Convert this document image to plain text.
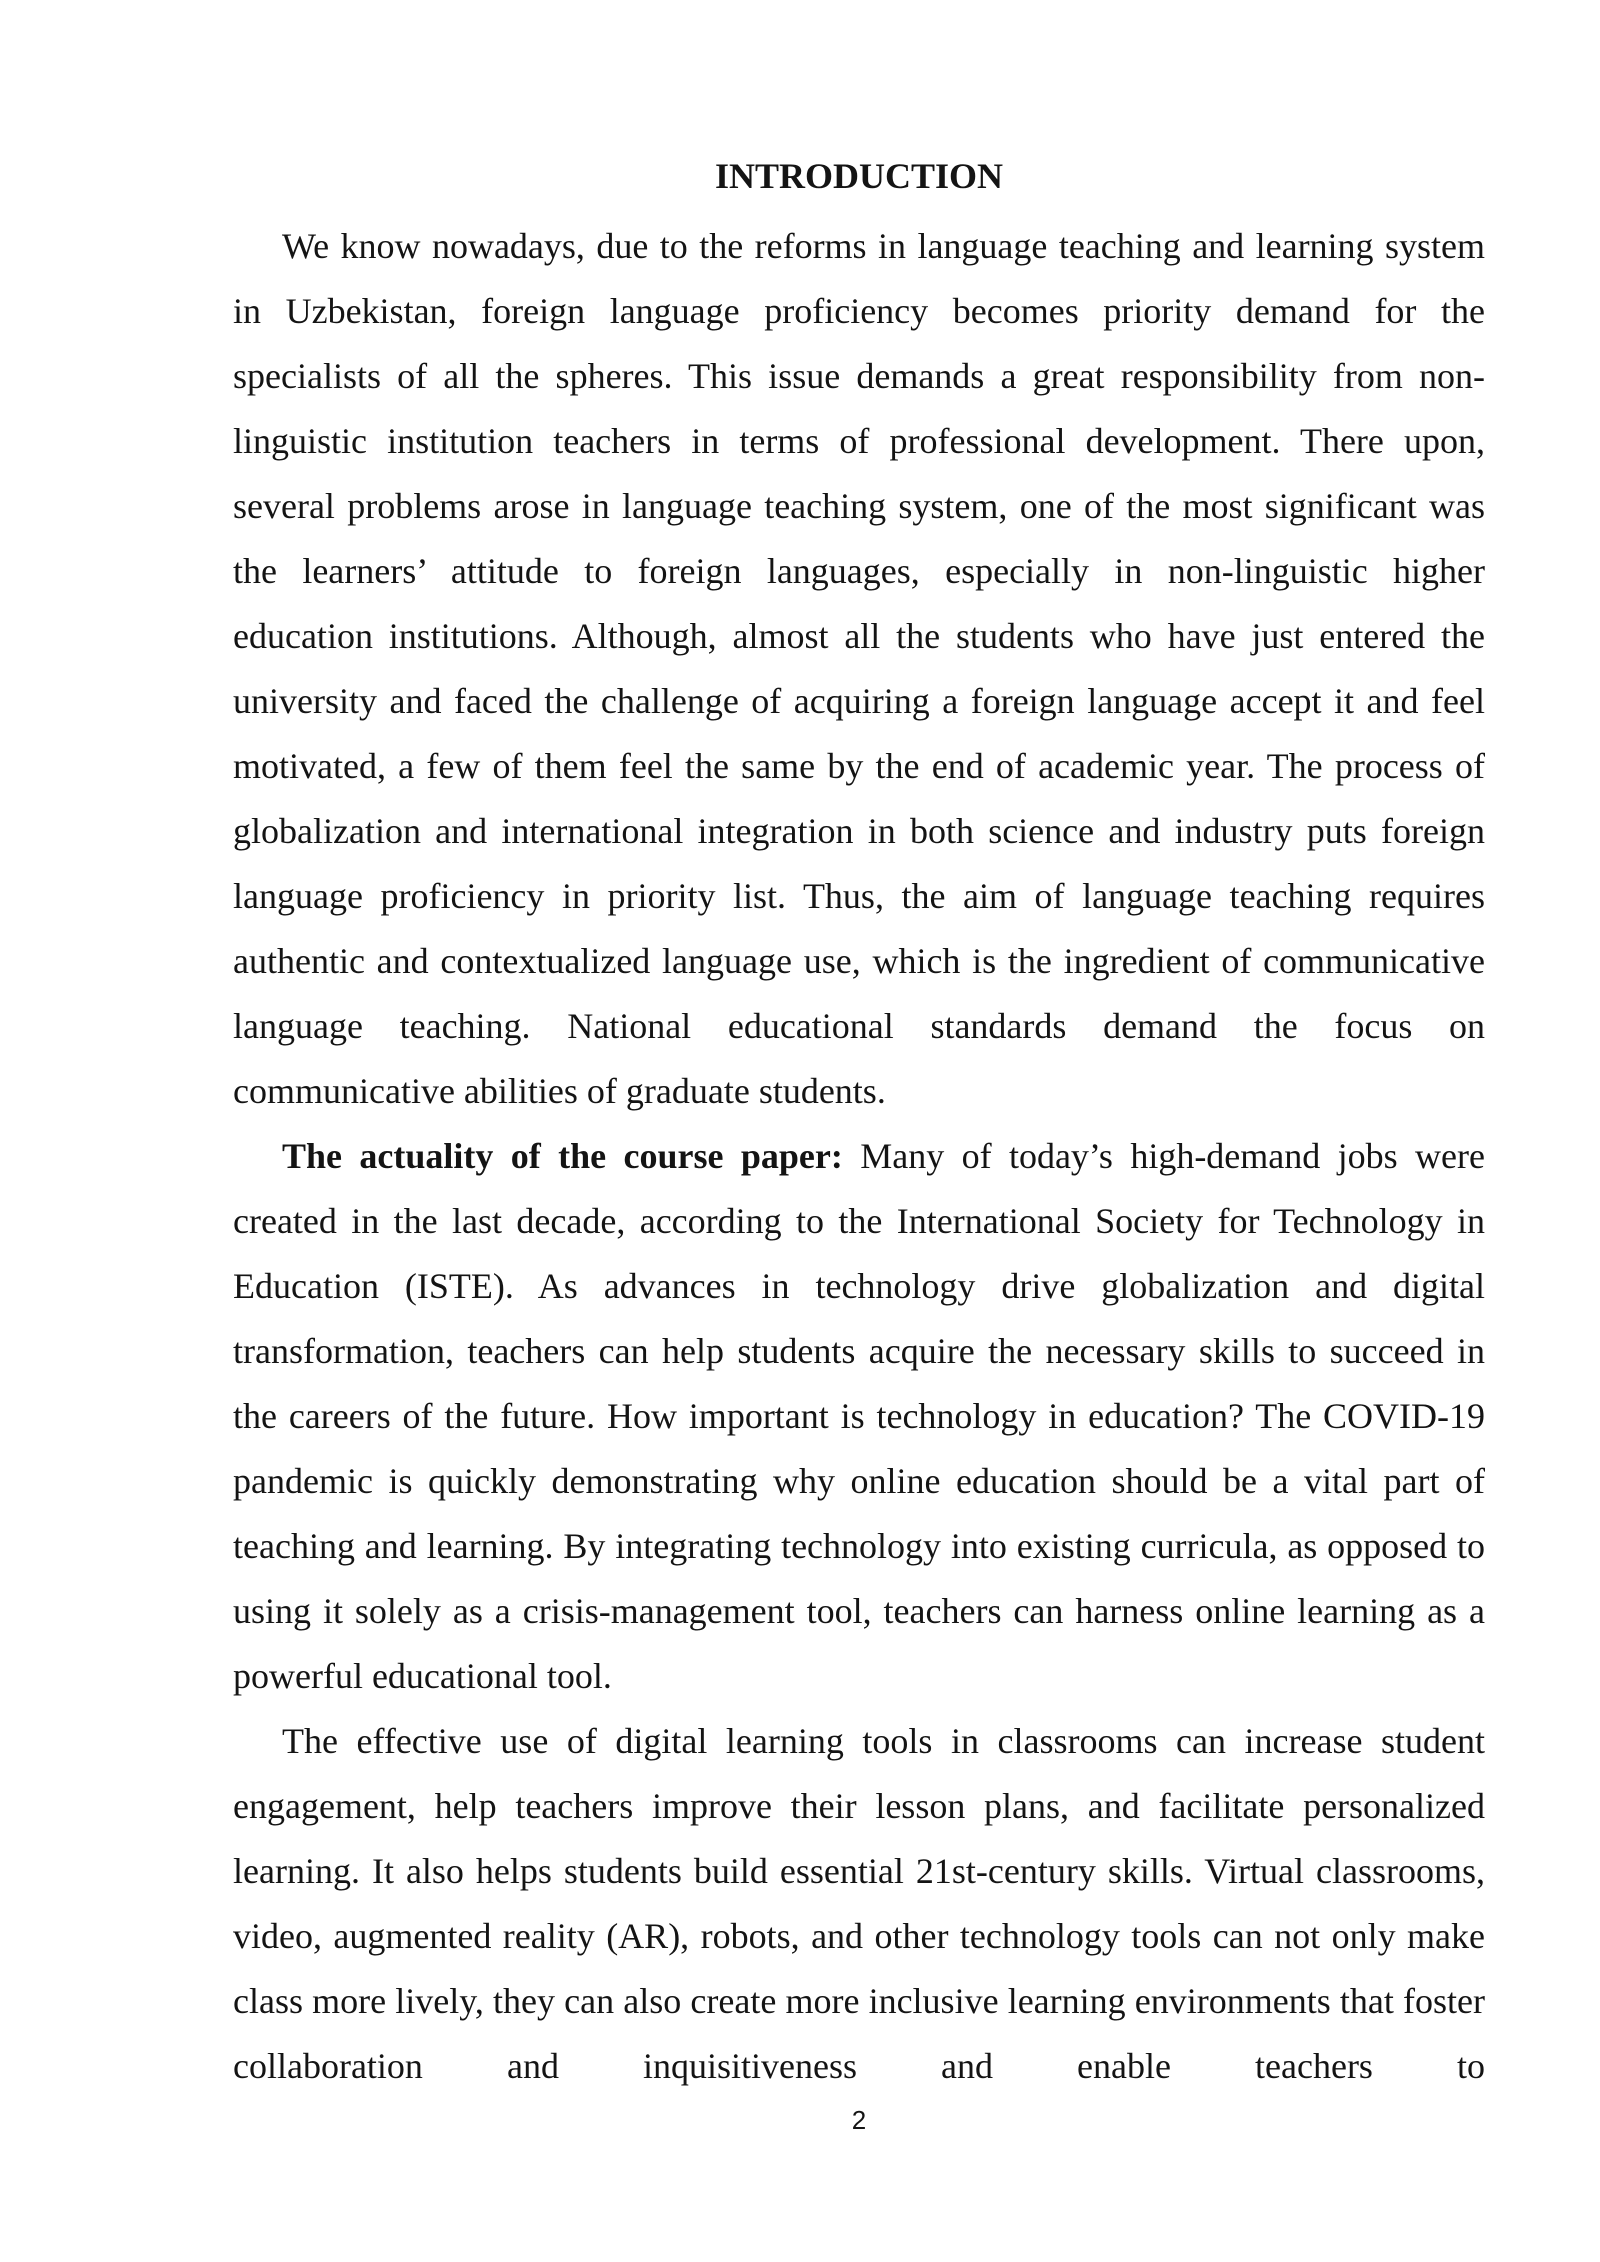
INTRODUCTION

We know nowadays, due to the reforms in language teaching and learning system in Uzbekistan, foreign language proficiency becomes priority demand for the specialists of all the spheres. This issue demands a great responsibility from non-linguistic institution teachers in terms of professional development. There upon, several problems arose in language teaching system, one of the most significant was the learners’ attitude to foreign languages, especially in non-linguistic higher education institutions. Although, almost all the students who have just entered the university and faced the challenge of acquiring a foreign language accept it and feel motivated, a few of them feel the same by the end of academic year. The process of globalization and international integration in both science and industry puts foreign language proficiency in priority list. Thus, the aim of language teaching requires authentic and contextualized language use, which is the ingredient of communicative language teaching. National educational standards demand the focus on communicative abilities of graduate students.

The actuality of the course paper: Many of today’s high-demand jobs were created in the last decade, according to the International Society for Technology in Education (ISTE). As advances in technology drive globalization and digital transformation, teachers can help students acquire the necessary skills to succeed in the careers of the future. How important is technology in education? The COVID-19 pandemic is quickly demonstrating why online education should be a vital part of teaching and learning. By integrating technology into existing curricula, as opposed to using it solely as a crisis-management tool, teachers can harness online learning as a powerful educational tool.

The effective use of digital learning tools in classrooms can increase student engagement, help teachers improve their lesson plans, and facilitate personalized learning. It also helps students build essential 21st-century skills. Virtual classrooms, video, augmented reality (AR), robots, and other technology tools can not only make class more lively, they can also create more inclusive learning environments that foster collaboration and inquisitiveness and enable teachers to

2
